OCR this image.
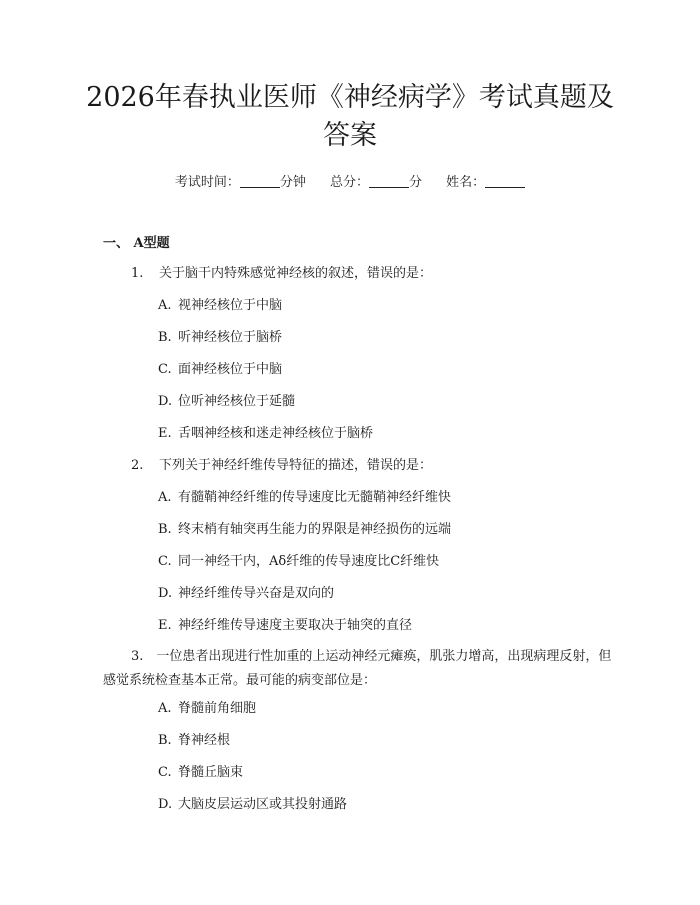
2026年春执业医师《神经病学》考试真题及
答案
考试时间：	分钟 总分：	分 姓名：
一、 A型题
1. 关于脑干内特殊感觉神经核的叙述，错误的是：
A. 视神经核位于中脑
B. 听神经核位于脑桥
C. 面神经核位于中脑
D. 位听神经核位于延髓
E. 舌咽神经核和迷走神经核位于脑桥
2. 下列关于神经纤维传导特征的描述，错误的是：
A. 有髓鞘神经纤维的传导速度比无髓鞘神经纤维快
B. 终末梢有轴突再生能力的界限是神经损伤的远端
C. 同一神经干内，Aδ纤维的传导速度比C纤维快
D. 神经纤维传导兴奋是双向的
E. 神经纤维传导速度主要取决于轴突的直径
3.  一位患者出现进行性加重的上运动神经元瘫痪，肌张力增高，出现病理反射，但感觉系统检查基本正常。最可能的病变部位是：
A. 脊髓前角细胞
B. 脊神经根
C. 脊髓丘脑束
D. 大脑皮层运动区或其投射通路
